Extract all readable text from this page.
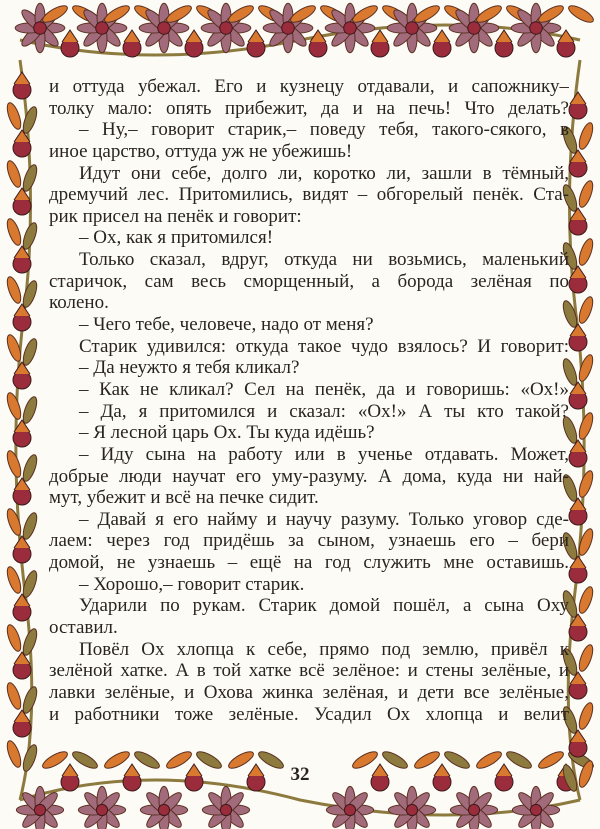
и оттуда убежал. Его и кузнецу отдавали, и сапожнику–
толку мало: опять прибежит, да и на печь! Что делать?
– Ну,– говорит старик,– поведу тебя, такого-сякого, в
иное царство, оттуда уж не убежишь!
Идут они себе, долго ли, коротко ли, зашли в тёмный,
дремучий лес. Притомились, видят – обгорелый пенёк. Ста-
рик присел на пенёк и говорит:
– Ох, как я притомился!
Только сказал, вдруг, откуда ни возьмись, маленький
старичок, сам весь сморщенный, а борода зелёная по
колено.
– Чего тебе, человече, надо от меня?
Старик удивился: откуда такое чудо взялось? И говорит:
– Да неужто я тебя кликал?
– Как не кликал? Сел на пенёк, да и говоришь: «Ох!»
– Да, я притомился и сказал: «Ох!» А ты кто такой?
– Я лесной царь Ох. Ты куда идёшь?
– Иду сына на работу или в ученье отдавать. Может,
добрые люди научат его уму-разуму. А дома, куда ни най-
мут, убежит и всё на печке сидит.
– Давай я его найму и научу разуму. Только уговор сде-
лаем: через год придёшь за сыном, узнаешь его – бери
домой, не узнаешь – ещё на год служить мне оставишь.
– Хорошо,– говорит старик.
Ударили по рукам. Старик домой пошёл, а сына Оху
оставил.
Повёл Ох хлопца к себе, прямо под землю, привёл к
зелёной хатке. А в той хатке всё зелёное: и стены зелёные, и
лавки зелёные, и Охова жинка зелёная, и дети все зелёные,
и работники тоже зелёные. Усадил Ох хлопца и велит
32
